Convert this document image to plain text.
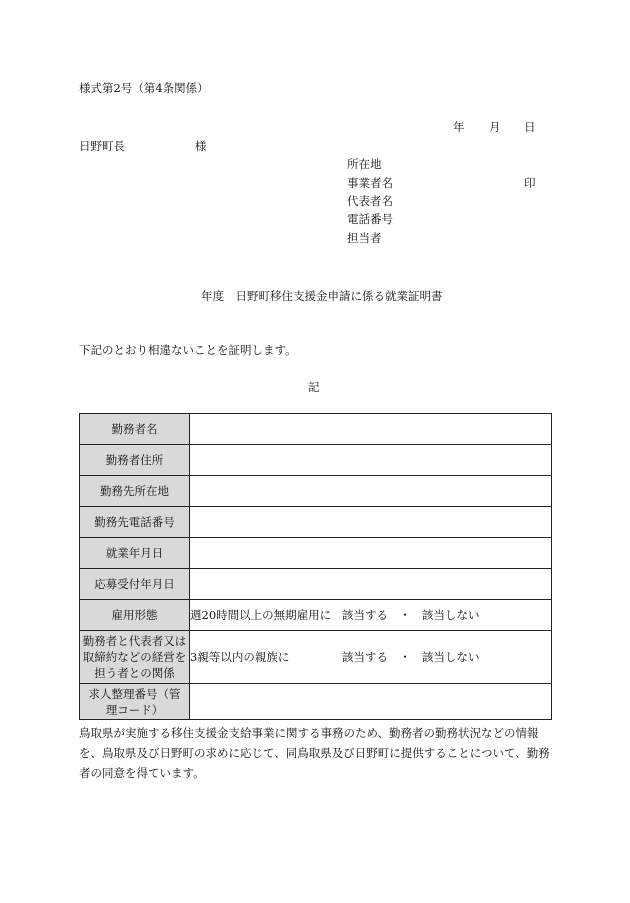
様式第2号（第4条関係）
年 月 日
日野町長	様
所在地
事業者名	印
代表者名
電話番号
担当者
年度　日野町移住支援金申請に係る就業証明書
下記のとおり相違ないことを証明します。
記
勤務者名	
勤務者住所	
勤務先所在地	
勤務先電話番号	
就業年月日	
応募受付年月日	
雇用形態	週20時間以上の無期雇用に 該当する ・ 該当しない
勤務者と代表者又は取締約などの経営を担う者との関係	3親等以内の親族に 該当する ・ 該当しない
求人整理番号（管理コード）	
鳥取県が実施する移住支援金支給事業に関する事務のため、勤務者の勤務状況などの情報を、鳥取県及び日野町の求めに応じて、同鳥取県及び日野町に提供することについて、勤務者の同意を得ています。
